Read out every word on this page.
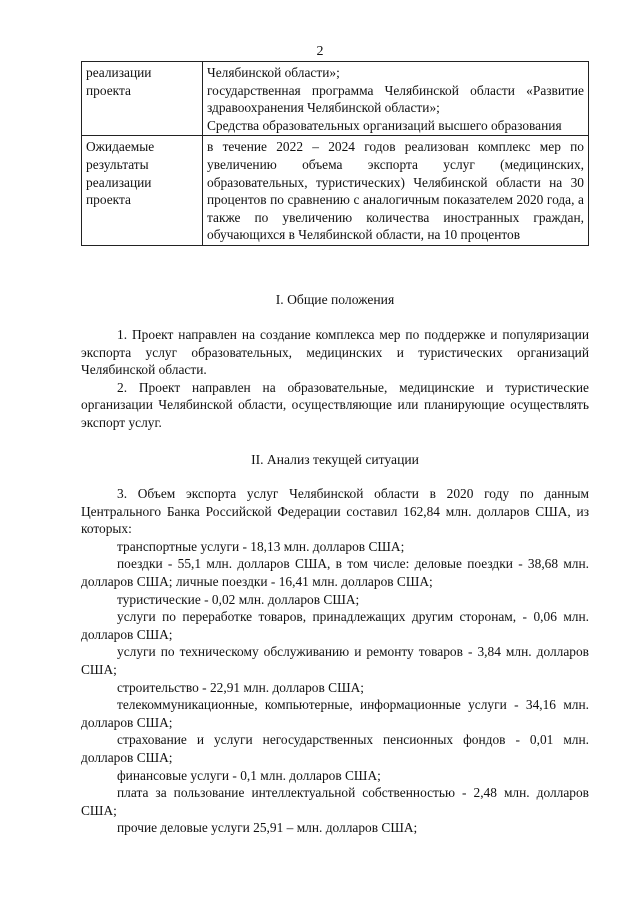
2
реализации проекта	Челябинской области»;
государственная программа Челябинской области «Развитие здравоохранения Челябинской области»;
Средства образовательных организаций высшего образования

Ожидаемые результаты реализации проекта	в течение 2022 – 2024 годов реализован комплекс мер по увеличению объема экспорта услуг (медицинских, образовательных, туристических) Челябинской области на 30 процентов по сравнению с аналогичным показателем 2020 года, а также по увеличению количества иностранных граждан, обучающихся в Челябинской области, на 10 процентов
I. Общие положения

1. Проект направлен на создание комплекса мер по поддержке и популяризации экспорта услуг образовательных, медицинских и туристических организаций Челябинской области.

2. Проект направлен на образовательные, медицинские и туристические организации Челябинской области, осуществляющие или планирующие осуществлять экспорт услуг.

II. Анализ текущей ситуации

3. Объем экспорта услуг Челябинской области в 2020 году по данным Центрального Банка Российской Федерации составил 162,84 млн. долларов США, из которых:

транспортные услуги - 18,13 млн. долларов США;

поездки - 55,1 млн. долларов США, в том числе: деловые поездки - 38,68 млн. долларов США; личные поездки - 16,41 млн. долларов США;

туристические - 0,02 млн. долларов США;

услуги по переработке товаров, принадлежащих другим сторонам, - 0,06 млн. долларов США;

услуги по техническому обслуживанию и ремонту товаров - 3,84 млн. долларов США;

строительство - 22,91 млн. долларов США;

телекоммуникационные, компьютерные, информационные услуги - 34,16 млн. долларов США;

страхование и услуги негосударственных пенсионных фондов - 0,01 млн. долларов США;

финансовые услуги - 0,1 млн. долларов США;

плата за пользование интеллектуальной собственностью - 2,48 млн. долларов США;

прочие деловые услуги 25,91 – млн. долларов США;
